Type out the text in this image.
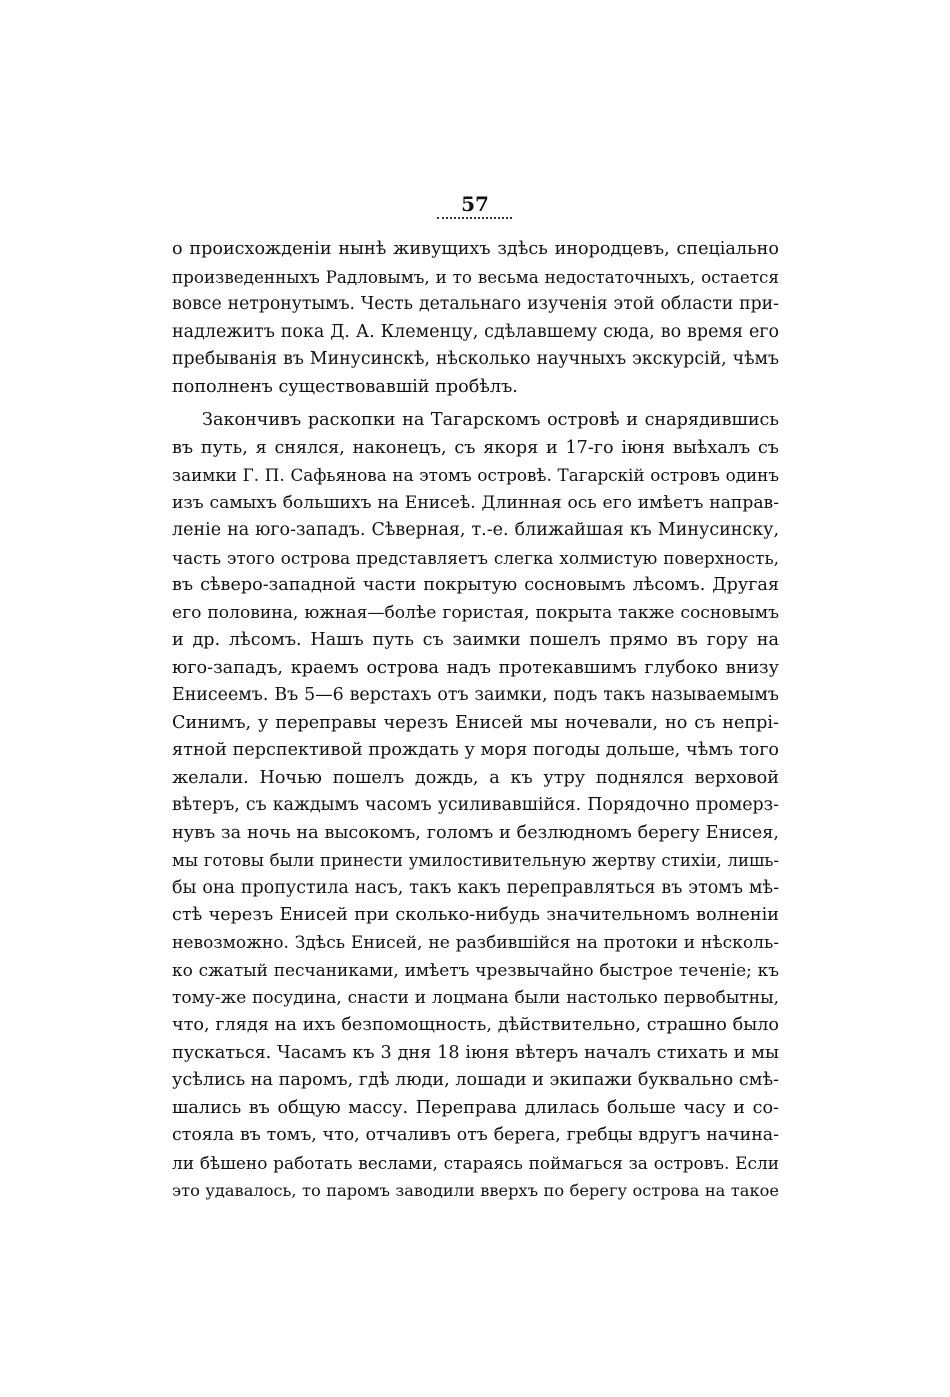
57
о происхожденіи нынѣ живущихъ здѣсь инородцевъ, спеціально
произведенныхъ Радловымъ, и то весьма недостаточныхъ, остается
вовсе нетронутымъ. Честь детальнаго изученія этой области при-
надлежитъ пока Д. А. Клеменцу, сдѣлавшему сюда, во время его
пребыванія въ Минусинскѣ, нѣсколько научныхъ экскурсій, чѣмъ
пополненъ существовавшій пробѣлъ.
Закончивъ раскопки на Тагарскомъ островѣ и снарядившись
въ путь, я снялся, наконецъ, съ якоря и 17-го іюня выѣхалъ съ
заимки Г. П. Сафьянова на этомъ островѣ. Тагарскій островъ одинъ
изъ самыхъ большихъ на Енисеѣ. Длинная ось его имѣетъ направ-
леніе на юго-западъ. Сѣверная, т.-е. ближайшая къ Минусинску,
часть этого острова представляетъ слегка холмистую поверхность,
въ сѣверо-западной части покрытую сосновымъ лѣсомъ. Другая
его половина, южная—болѣе гористая, покрыта также сосновымъ
и др. лѣсомъ. Нашъ путь съ заимки пошелъ прямо въ гору на
юго-западъ, краемъ острова надъ протекавшимъ глубоко внизу
Енисеемъ. Въ 5—6 верстахъ отъ заимки, подъ такъ называемымъ
Синимъ, у переправы черезъ Енисей мы ночевали, но съ непрі-
ятной перспективой прождать у моря погоды дольше, чѣмъ того
желали. Ночью пошелъ дождь, а къ утру поднялся верховой
вѣтеръ, съ каждымъ часомъ усиливавшійся. Порядочно промерз-
нувъ за ночь на высокомъ, голомъ и безлюдномъ берегу Енисея,
мы готовы были принести умилостивительную жертву стихіи, лишь-
бы она пропустила насъ, такъ какъ переправляться въ этомъ мѣ-
стѣ черезъ Енисей при сколько-нибудь значительномъ волненіи
невозможно. Здѣсь Енисей, не разбившійся на протоки и нѣсколь-
ко сжатый песчаниками, имѣетъ чрезвычайно быстрое теченіе; къ
тому-же посудина, снасти и лоцмана были настолько первобытны,
что, глядя на ихъ безпомощность, дѣйствительно, страшно было
пускаться. Часамъ къ 3 дня 18 іюня вѣтеръ началъ стихать и мы
усѣлись на паромъ, гдѣ люди, лошади и экипажи буквально смѣ-
шались въ общую массу. Переправа длилась больше часу и со-
стояла въ томъ, что, отчаливъ отъ берега, гребцы вдругъ начина-
ли бѣшено работать веслами, стараясь поймагься за островъ. Если
это удавалось, то паромъ заводили вверхъ по берегу острова на такое
